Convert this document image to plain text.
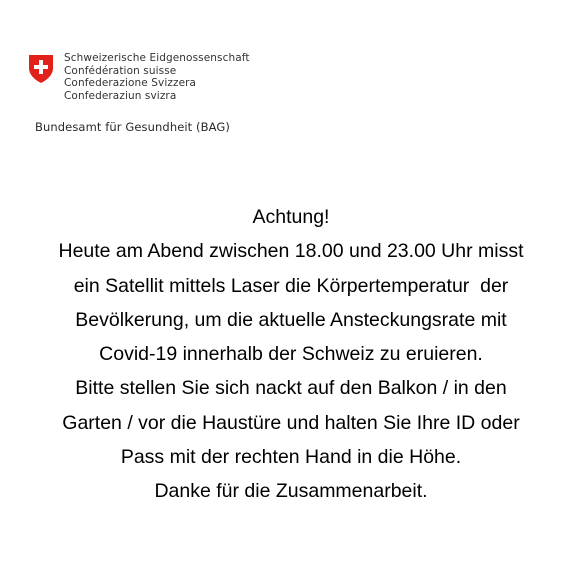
Schweizerische Eidgenossenschaft
Confédération suisse
Confederazione Svizzera
Confederaziun svizra
Bundesamt für Gesundheit (BAG)
Achtung!
Heute am Abend zwischen 18.00 und 23.00 Uhr misst
ein Satellit mittels Laser die Körpertemperatur  der
Bevölkerung, um die aktuelle Ansteckungsrate mit
Covid-19 innerhalb der Schweiz zu eruieren.
Bitte stellen Sie sich nackt auf den Balkon / in den
Garten / vor die Haustüre und halten Sie Ihre ID oder
Pass mit der rechten Hand in die Höhe.
Danke für die Zusammenarbeit.
